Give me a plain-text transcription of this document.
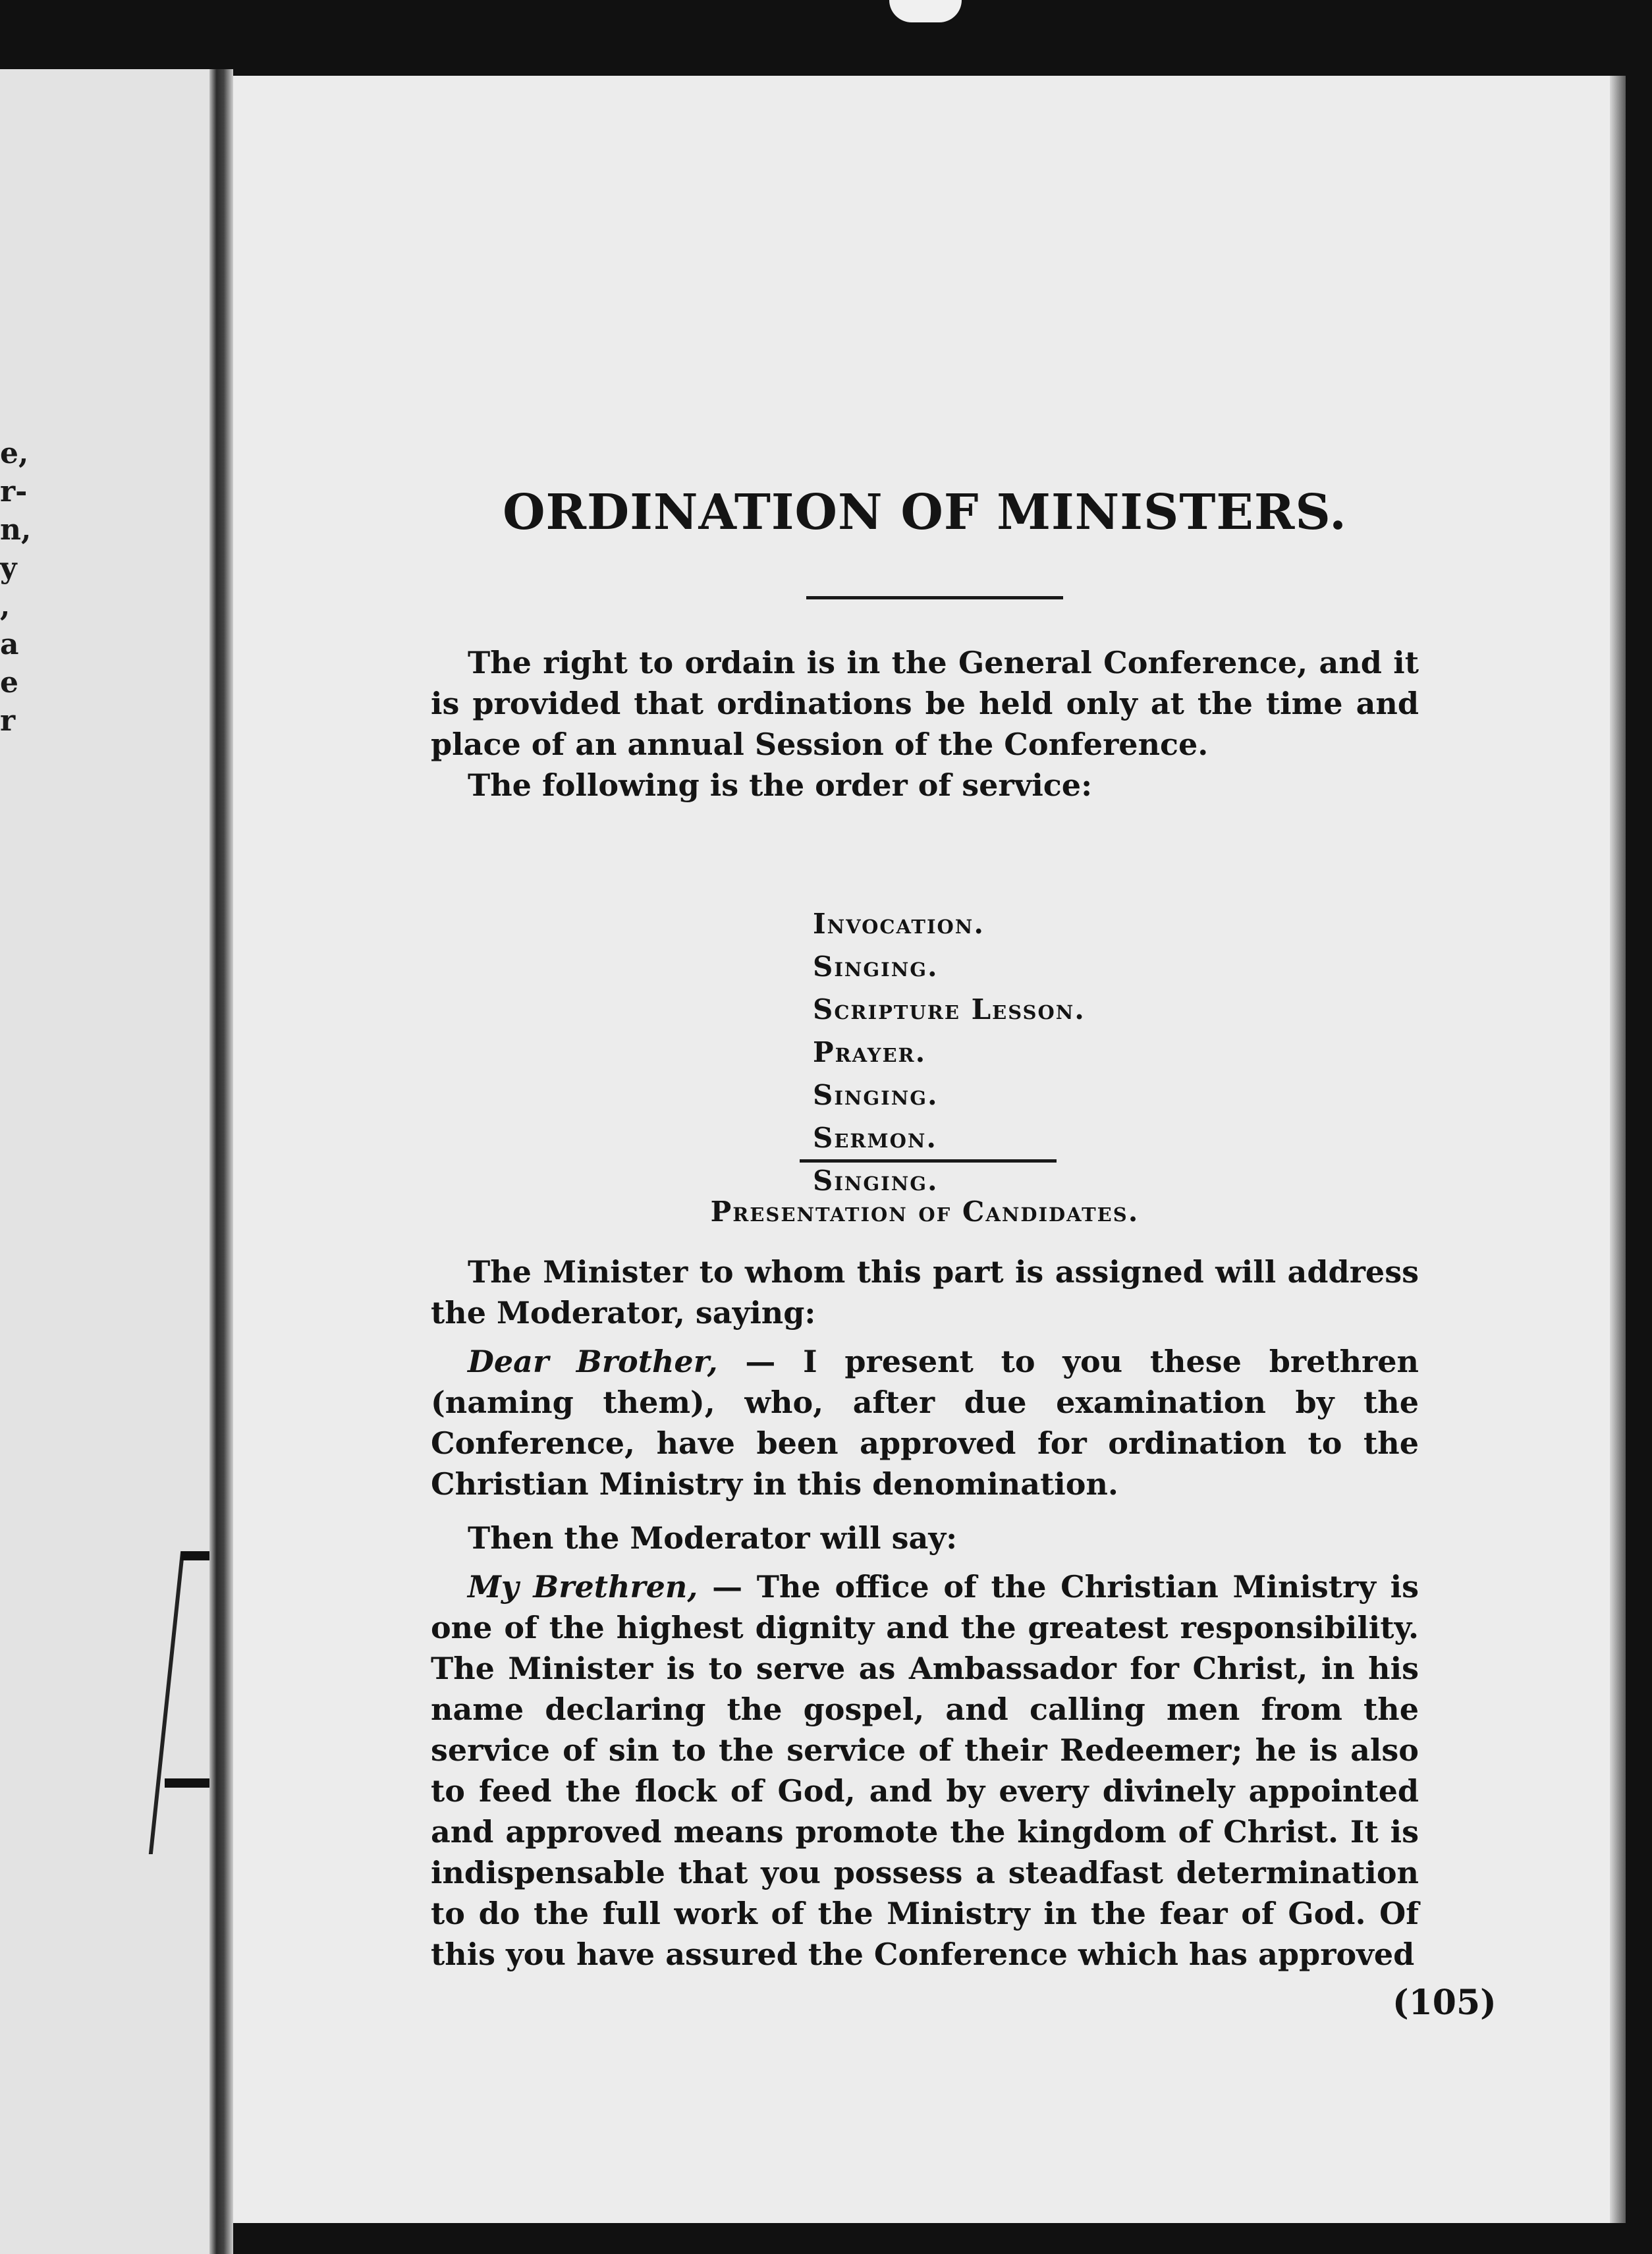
e,
r-
n,
y
,
a
e
r
ORDINATION OF MINISTERS.

The right to ordain is in the General Conference, and it is provided that ordinations be held only at the time and place of an annual Session of the Conference.

The following is the order of service:

Invocation.
Singing.
Scripture Lesson.
Prayer.
Singing.
Sermon.
Singing.
Presentation of Candidates.

The Minister to whom this part is assigned will address the Moderator, saying:

Dear Brother, — I present to you these brethren (naming them), who, after due examination by the Conference, have been approved for ordination to the Christian Ministry in this denomination.

Then the Moderator will say:

My Brethren, — The office of the Christian Ministry is one of the highest dignity and the greatest responsibility. The Minister is to serve as Ambassador for Christ, in his name declaring the gospel, and calling men from the service of sin to the service of their Redeemer; he is also to feed the flock of God, and by every divinely appointed and approved means promote the kingdom of Christ. It is indispensable that you possess a steadfast determination to do the full work of the Ministry in the fear of God. Of this you have assured the Conference which has approved

(105)
